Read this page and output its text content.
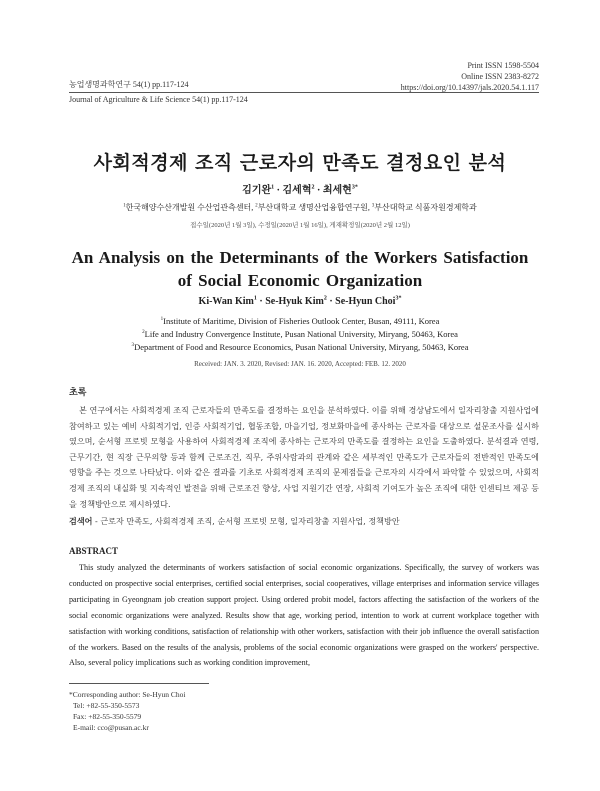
Print ISSN 1598-5504
Online ISSN 2383-8272
https://doi.org/10.14397/jals.2020.54.1.117
농업생명과학연구 54(1) pp.117-124
Journal of Agriculture & Life Science 54(1) pp.117-124
사회적경제 조직 근로자의 만족도 결정요인 분석
김기완$^1$ · 김세혁$^2$ · 최세현$^{3*}$
$^1$한국해양수산개발원 수산업관측센터, $^2$부산대학교 생명산업융합연구원, $^3$부산대학교 식품자원경제학과
접수일(2020년 1월 3일), 수정일(2020년 1월 16일), 게재확정일(2020년 2월 12일)
An Analysis on the Determinants of the Workers Satisfaction
of Social Economic Organization
Ki-Wan Kim$^1$ · Se-Hyuk Kim$^2$ · Se-Hyun Choi$^{3*}$
$^1$Institute of Maritime, Division of Fisheries Outlook Center, Busan, 49111, Korea
$^2$Life and Industry Convergence Institute, Pusan National University, Miryang, 50463, Korea
$^3$Department of Food and Resource Economics, Pusan National University, Miryang, 50463, Korea
Received: JAN. 3. 2020, Revised: JAN. 16. 2020, Accepted: FEB. 12. 2020
초록
본 연구에서는 사회적경제 조직 근로자들의 만족도를 결정하는 요인을 분석하였다. 이를 위해 경상남도에서 일자리창출 지원사업에 참여하고 있는 예비 사회적기업, 인증 사회적기업, 협동조합, 마을기업, 정보화마을에 종사하는 근로자를 대상으로 설문조사를 실시하였으며, 순서형 프로빗 모형을 사용하여 사회적경제 조직에 종사하는 근로자의 만족도를 결정하는 요인을 도출하였다. 분석결과 연령, 근무기간, 현 직장 근무의향 등과 함께 근로조건, 직무, 주위사람과의 관계와 같은 세부적인 만족도가 근로자들의 전반적인 만족도에 영향을 주는 것으로 나타났다. 이와 같은 결과를 기초로 사회적경제 조직의 문제점들을 근로자의 시각에서 파악할 수 있었으며, 사회적경제 조직의 내실화 및 지속적인 발전을 위해 근로조건 향상, 사업 지원기간 연장, 사회적 기여도가 높은 조직에 대한 인센티브 제공 등을 정책방안으로 제시하였다.
검색어 - 근로자 만족도, 사회적경제 조직, 순서형 프로빗 모형, 일자리창출 지원사업, 정책방안
ABSTRACT
This study analyzed the determinants of workers satisfaction of social economic organizations. Specifically, the survey of workers was conducted on prospective social enterprises, certified social enterprises, social cooperatives, village enterprises and information service villages participating in Gyeongnam job creation support project. Using ordered probit model, factors affecting the satisfaction of the workers of the social economic organizations were analyzed. Results show that age, working period, intention to work at current workplace together with satisfaction with working conditions, satisfaction of relationship with other workers, satisfaction with their job influence the overall satisfaction of the workers. Based on the results of the analysis, problems of the social economic organizations were grasped on the workers' perspective. Also, several policy implications such as working condition improvement,
*Corresponding author: Se-Hyun Choi
Tel: +82-55-350-5573
Fax: +82-55-350-5579
E-mail: cco@pusan.ac.kr
